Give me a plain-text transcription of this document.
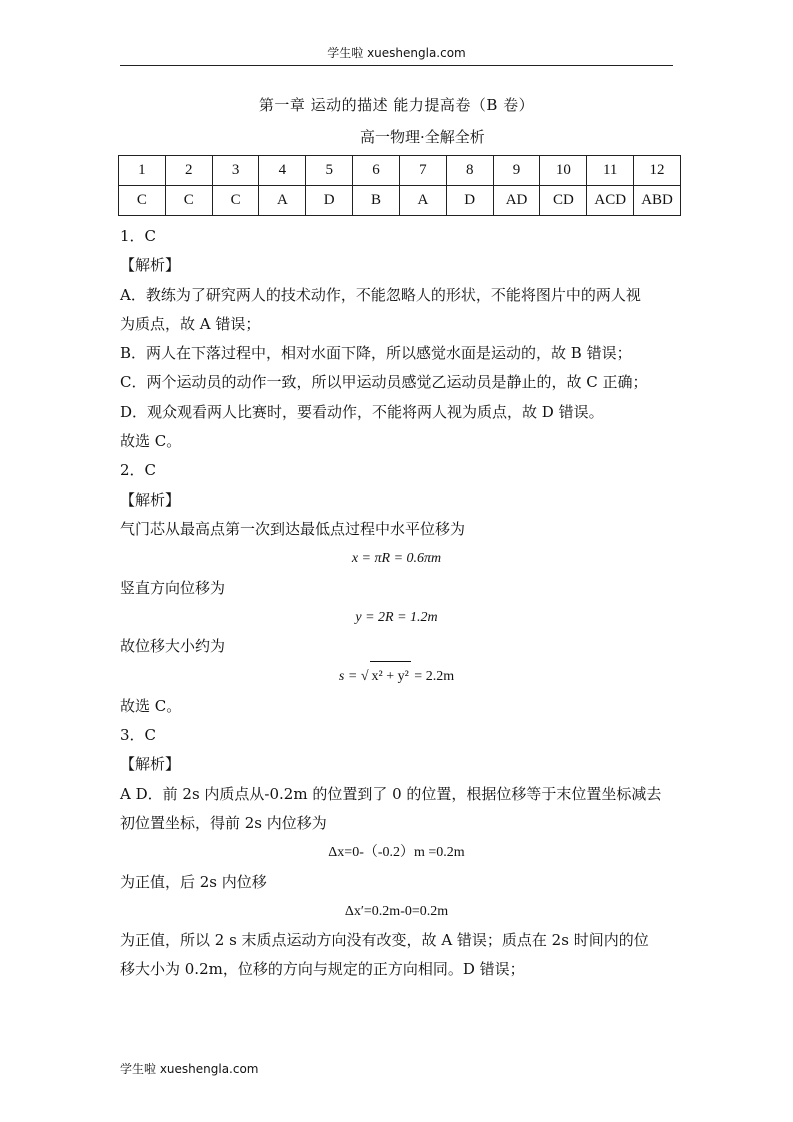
学生啦 xueshengla.com
第一章 运动的描述 能力提高卷（B 卷）
高一物理·全解全析
1	2	3	4	5	6	7	8	9	10	11	12
C	C	C	A	D	B	A	D	AD	CD	ACD	ABD

1．C

【解析】

A．教练为了研究两人的技术动作，不能忽略人的形状，不能将图片中的两人视

为质点，故 A 错误；

B．两人在下落过程中，相对水面下降，所以感觉水面是运动的，故 B 错误；

C．两个运动员的动作一致，所以甲运动员感觉乙运动员是静止的，故 C 正确；

D．观众观看两人比赛时，要看动作，不能将两人视为质点，故 D 错误。

故选 C。

2．C

【解析】

气门芯从最高点第一次到达最低点过程中水平位移为

x = πR = 0.6πm

竖直方向位移为

y = 2R = 1.2m

故位移大小约为

s = √ x² + y² = 2.2m

故选 C。

3．C

【解析】

A D．前 2s 内质点从-0.2m 的位置到了 0 的位置，根据位移等于末位置坐标减去

初位置坐标，得前 2s 内位移为

Δx=0-（-0.2）m =0.2m

为正值，后 2s 内位移

Δx′=0.2m-0=0.2m

为正值，所以 2 s 末质点运动方向没有改变，故 A 错误；质点在 2s 时间内的位

移大小为 0.2m，位移的方向与规定的正方向相同。D 错误；

学生啦 xueshengla.com
